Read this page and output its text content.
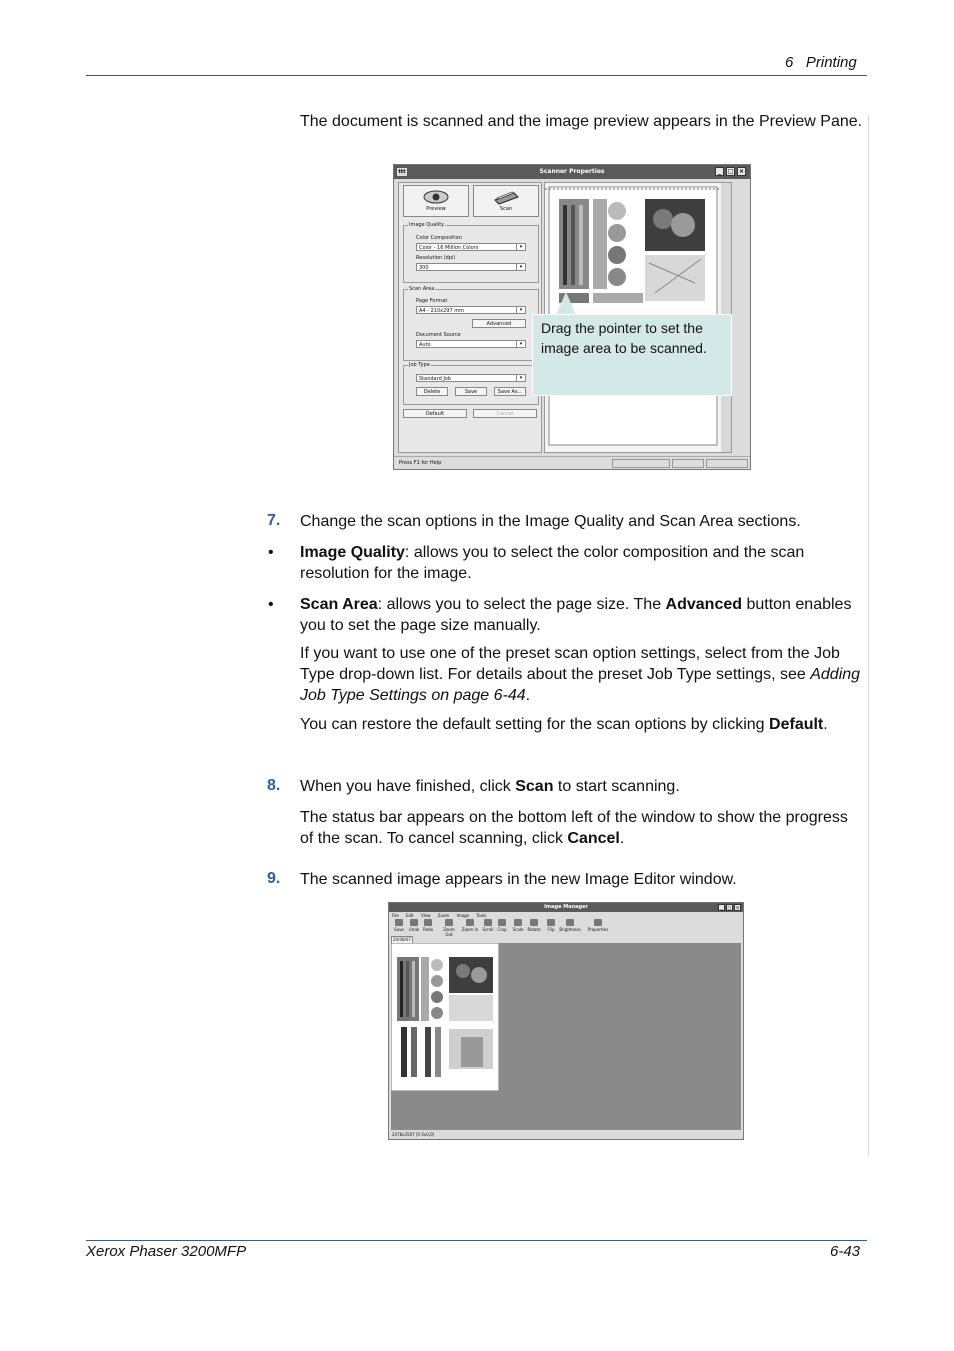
6 Printing
The document is scanned and the image preview appears in the Preview Pane.
ttt	Scanner Properties	_	□ ×
Preview	Scan
Image Quality
Color Composition
Color - 16 Million Colors	▾
Resolution (dpi)
300	▾
Scan Area
Page Format
A4 - 210x297 mm	▾
Advanced
Document Source
Auto	▾
Job Type
Standard Job	▾
Delete	Save	Save As...
Default	Cancel
Press F1 for Help
Drag the pointer to set the image area to be scanned.
7. Change the scan options in the Image Quality and Scan Area sections.
• Image Quality: allows you to select the color composition and the scan resolution for the image.
• Scan Area: allows you to select the page size. The Advanced button enables you to set the page size manually.
If you want to use one of the preset scan option settings, select from the Job Type drop-down list. For details about the preset Job Type settings, see Adding Job Type Settings on page 6-44.
You can restore the default setting for the scan options by clicking Default.
8. When you have finished, click Scan to start scanning.
The status bar appears on the bottom left of the window to show the progress of the scan. To cancel scanning, click Cancel.
9. The scanned image appears in the new Image Editor window.
Image Manager	_	□	×
File Edit View Zoom Image Tools
Save	Undo Redo	Zoom Out
Zoom In	Scroll Crop	Scale	Rotate	Flip	Brightness Properties
20/08/07
2478x3507 [0 0x0,0]
Xerox Phaser 3200MFP	6-43
